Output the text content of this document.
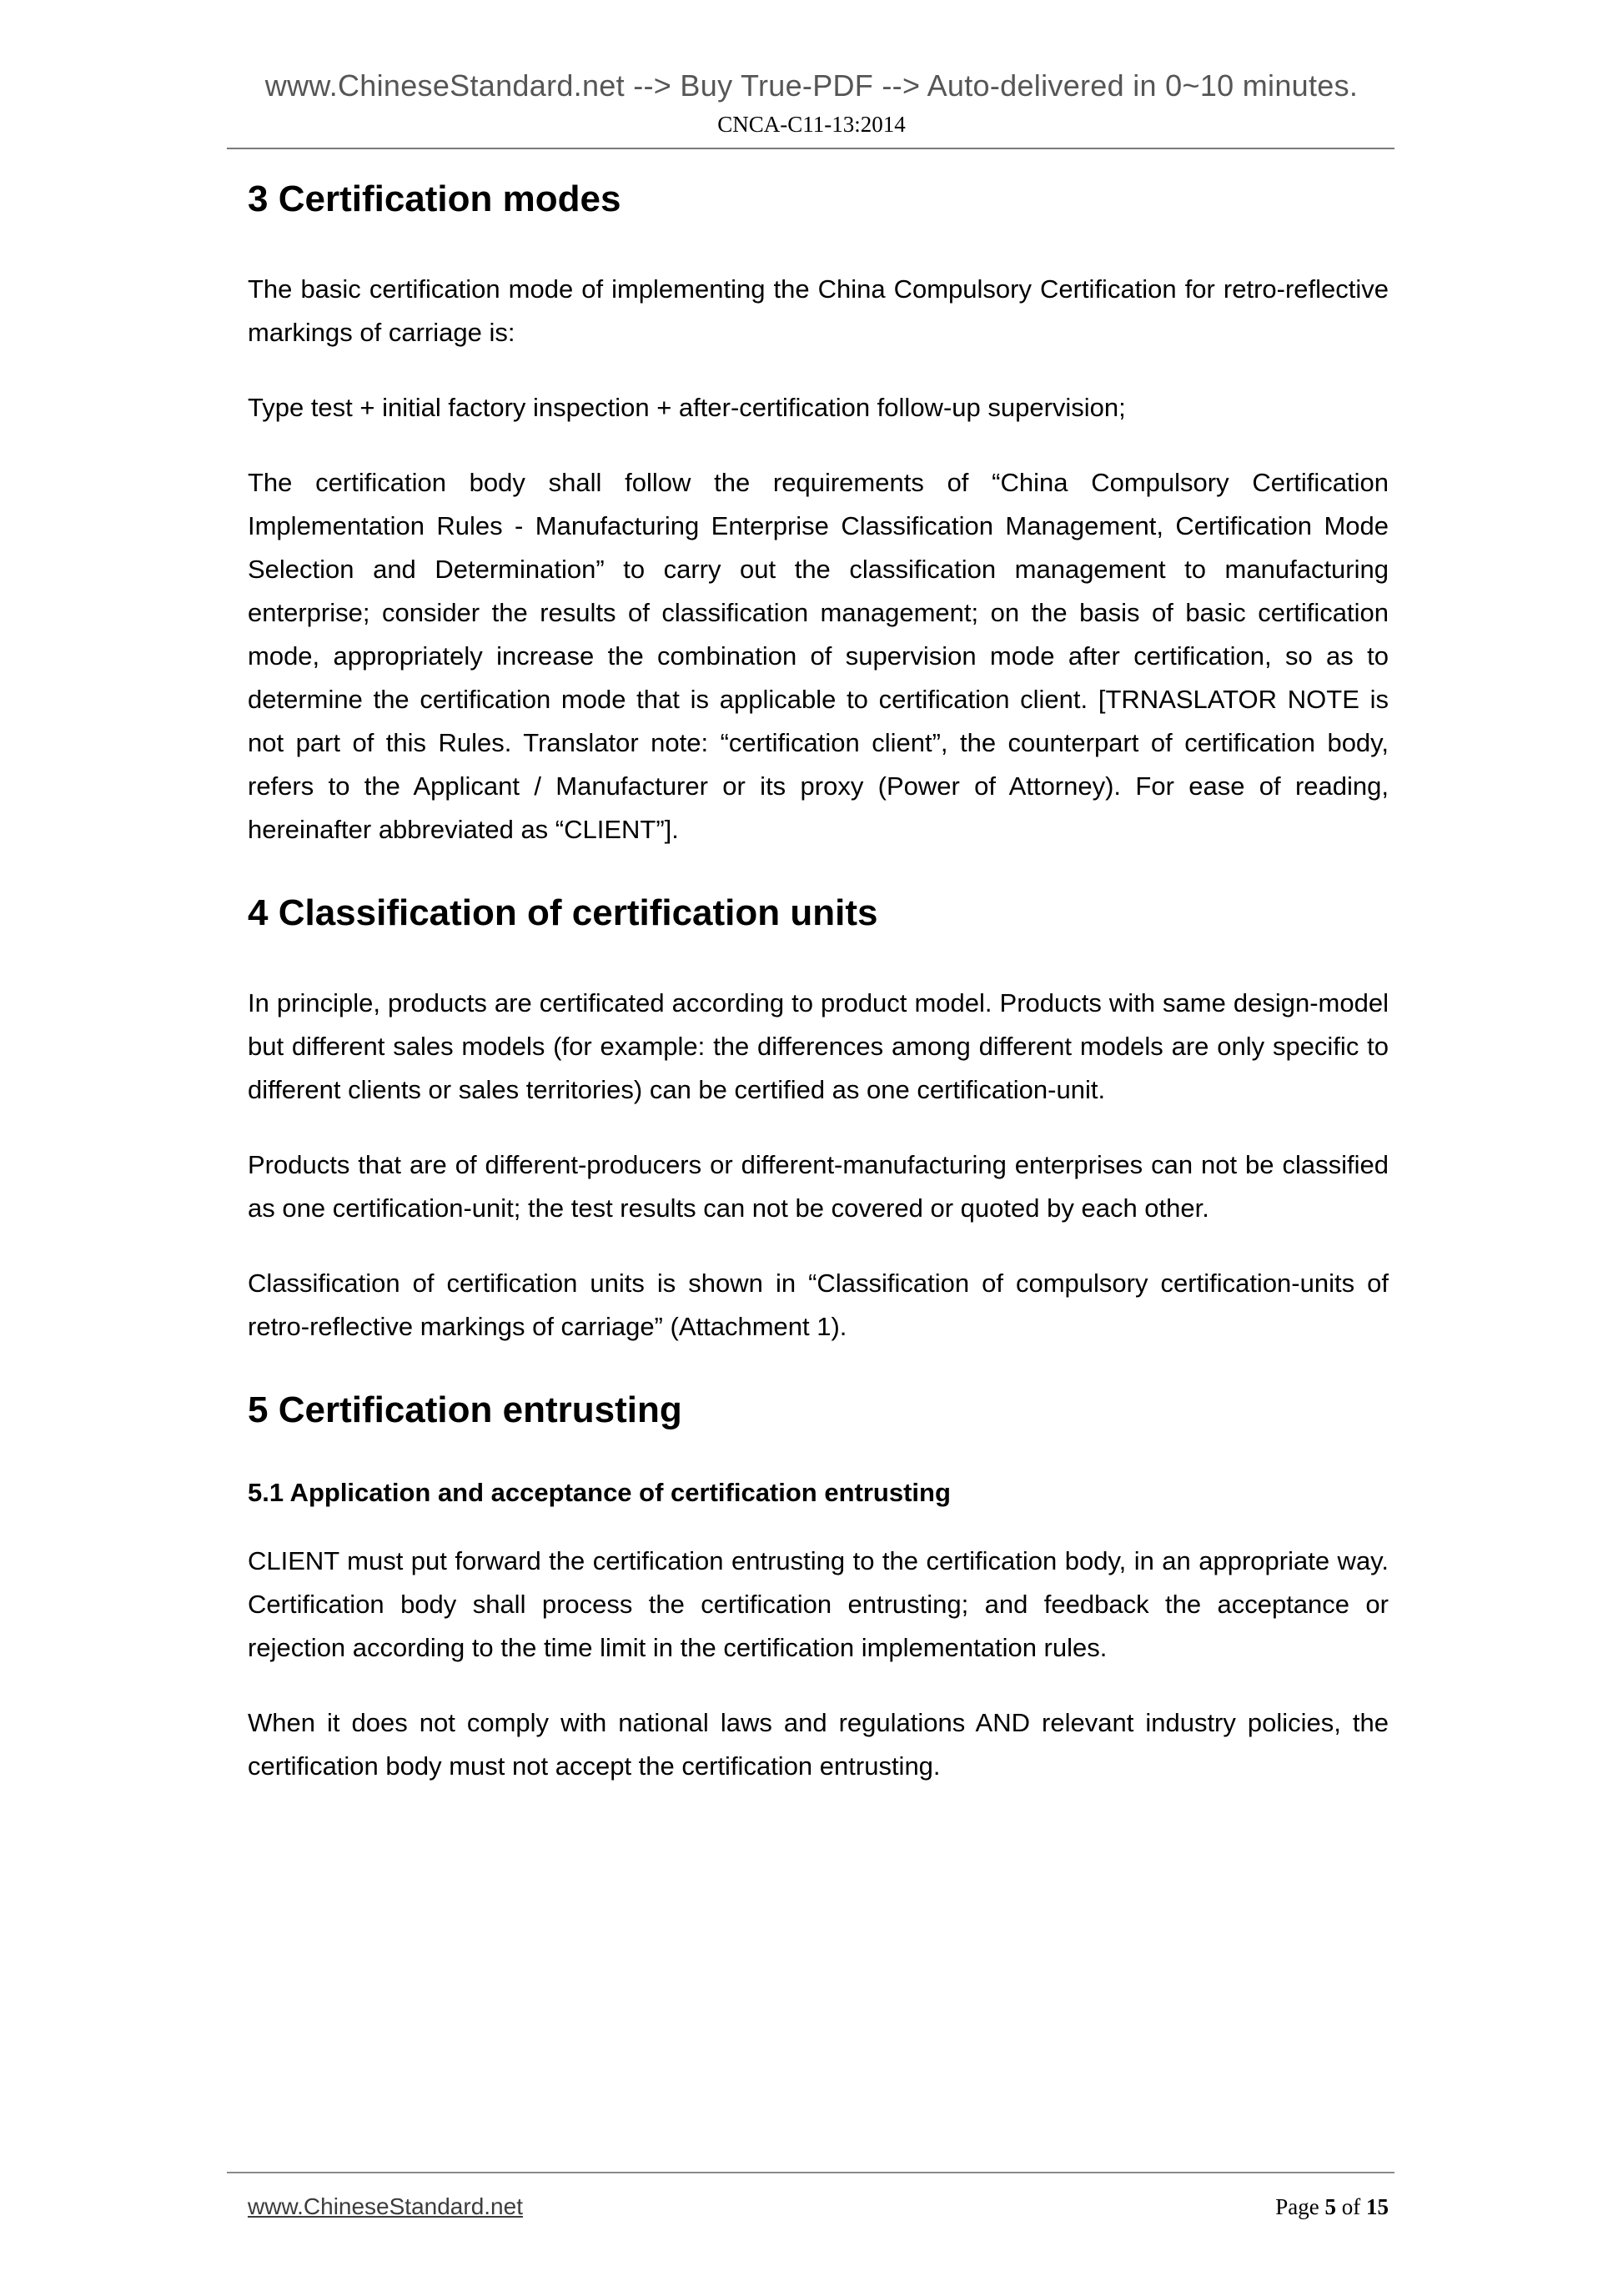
www.ChineseStandard.net --> Buy True-PDF --> Auto-delivered in 0~10 minutes.
CNCA-C11-13:2014
3 Certification modes

The basic certification mode of implementing the China Compulsory Certification for retro-reflective markings of carriage is:

Type test + initial factory inspection + after-certification follow-up supervision;

The certification body shall follow the requirements of “China Compulsory Certification Implementation Rules - Manufacturing Enterprise Classification Management, Certification Mode Selection and Determination” to carry out the classification management to manufacturing enterprise; consider the results of classification management; on the basis of basic certification mode, appropriately increase the combination of supervision mode after certification, so as to determine the certification mode that is applicable to certification client. [TRNASLATOR NOTE is not part of this Rules. Translator note: “certification client”, the counterpart of certification body, refers to the Applicant / Manufacturer or its proxy (Power of Attorney). For ease of reading, hereinafter abbreviated as “CLIENT”].

4 Classification of certification units

In principle, products are certificated according to product model. Products with same design-model but different sales models (for example: the differences among different models are only specific to different clients or sales territories) can be certified as one certification-unit.

Products that are of different-producers or different-manufacturing enterprises can not be classified as one certification-unit; the test results can not be covered or quoted by each other.

Classification of certification units is shown in “Classification of compulsory certification-units of retro-reflective markings of carriage” (Attachment 1).

5 Certification entrusting
5.1 Application and acceptance of certification entrusting

CLIENT must put forward the certification entrusting to the certification body, in an appropriate way. Certification body shall process the certification entrusting; and feedback the acceptance or rejection according to the time limit in the certification implementation rules.

When it does not comply with national laws and regulations AND relevant industry policies, the certification body must not accept the certification entrusting.

www.ChineseStandard.net	Page 5 of 15
